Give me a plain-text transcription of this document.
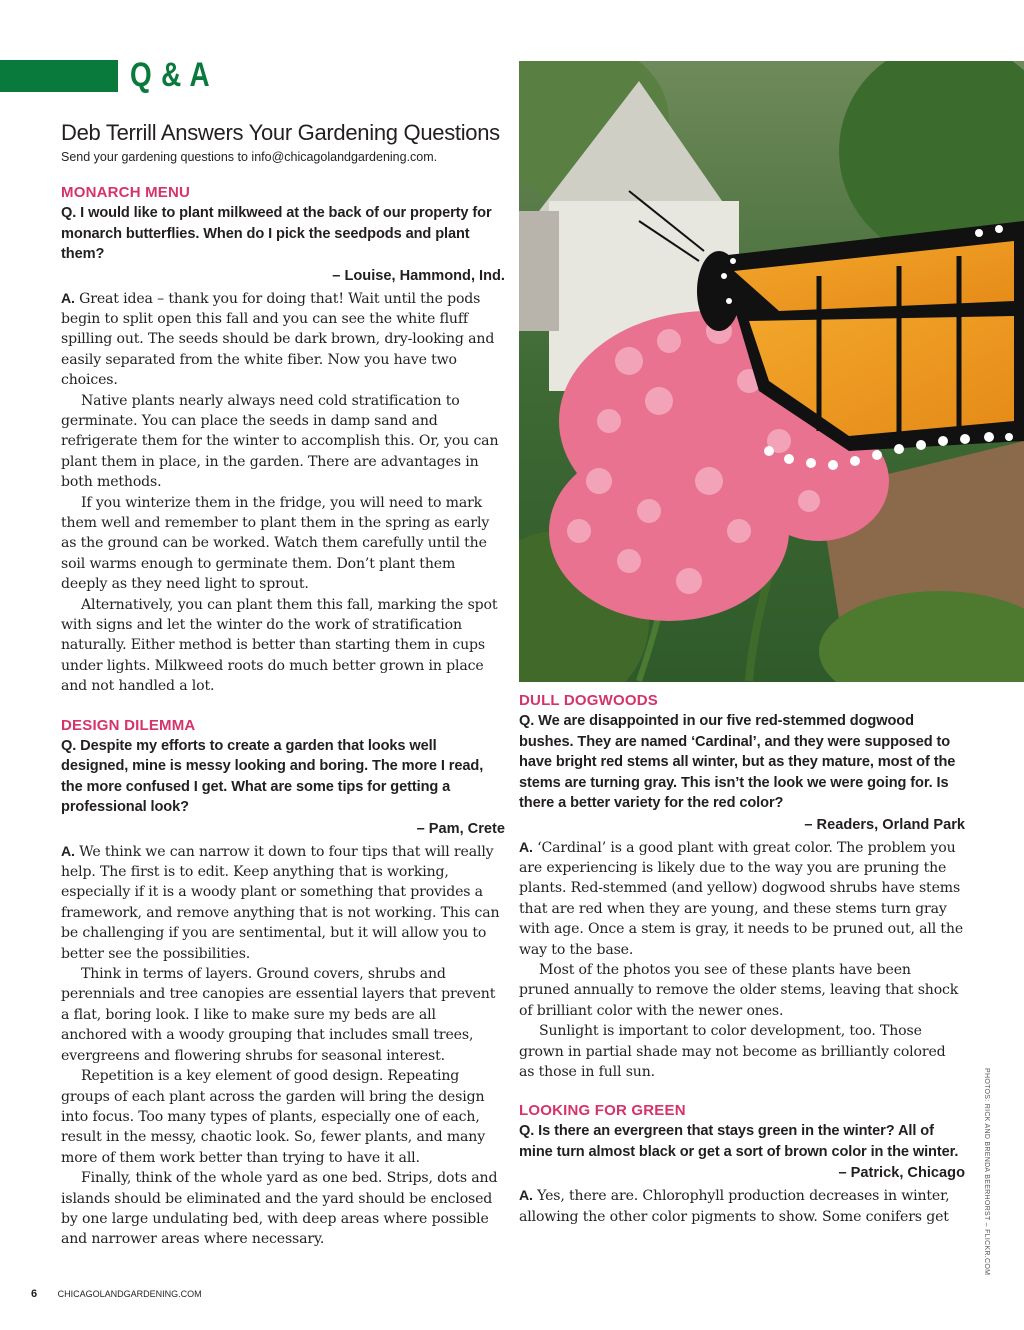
Q & A
Deb Terrill Answers Your Gardening Questions

Send your gardening questions to info@chicagolandgardening.com.

MONARCH MENU

Q. I would like to plant milkweed at the back of our property for monarch butterflies. When do I pick the seedpods and plant them?

– Louise, Hammond, Ind.

A. Great idea – thank you for doing that! Wait until the pods begin to split open this fall and you can see the white fluff spilling out. The seeds should be dark brown, dry-looking and easily separated from the white fiber. Now you have two choices.

Native plants nearly always need cold stratification to germinate. You can place the seeds in damp sand and refrigerate them for the winter to accomplish this. Or, you can plant them in place, in the garden. There are advantages in both methods.

If you winterize them in the fridge, you will need to mark them well and remember to plant them in the spring as early as the ground can be worked. Watch them carefully until the soil warms enough to germinate them. Don’t plant them deeply as they need light to sprout.

Alternatively, you can plant them this fall, marking the spot with signs and let the winter do the work of stratification naturally. Either method is better than starting them in cups under lights. Milkweed roots do much better grown in place and not handled a lot.

DESIGN DILEMMA

Q. Despite my efforts to create a garden that looks well designed, mine is messy looking and boring. The more I read, the more confused I get. What are some tips for getting a professional look?

– Pam, Crete

A. We think we can narrow it down to four tips that will really help. The first is to edit. Keep anything that is working, especially if it is a woody plant or something that provides a framework, and remove anything that is not working. This can be challenging if you are sentimental, but it will allow you to better see the possibilities.

Think in terms of layers. Ground covers, shrubs and perennials and tree canopies are essential layers that prevent a flat, boring look. I like to make sure my beds are all anchored with a woody grouping that includes small trees, evergreens and flowering shrubs for seasonal interest.

Repetition is a key element of good design. Repeating groups of each plant across the garden will bring the design into focus. Too many types of plants, especially one of each, result in the messy, chaotic look. So, fewer plants, and many more of them work better than trying to have it all.

Finally, think of the whole yard as one bed. Strips, dots and islands should be eliminated and the yard should be enclosed by one large undulating bed, with deep areas where possible and narrower areas where necessary.

DULL DOGWOODS

Q. We are disappointed in our five red-stemmed dogwood bushes. They are named ‘Cardinal’, and they were supposed to have bright red stems all winter, but as they mature, most of the stems are turning gray. This isn’t the look we were going for. Is there a better variety for the red color?

– Readers, Orland Park

A. ‘Cardinal’ is a good plant with great color. The problem you are experiencing is likely due to the way you are pruning the plants. Red-stemmed (and yellow) dogwood shrubs have stems that are red when they are young, and these stems turn gray with age. Once a stem is gray, it needs to be pruned out, all the way to the base.

Most of the photos you see of these plants have been pruned annually to remove the older stems, leaving that shock of brilliant color with the newer ones.

Sunlight is important to color development, too. Those grown in partial shade may not become as brilliantly colored as those in full sun.

LOOKING FOR GREEN

Q. Is there an evergreen that stays green in the winter? All of mine turn almost black or get a sort of brown color in the winter.

– Patrick, Chicago

A. Yes, there are. Chlorophyll production decreases in winter, allowing the other color pigments to show. Some conifers get	PHOTOS: RICK AND BRENDA BEERHORST – FLICKR.COM
6 CHICAGOLANDGARDENING.COM
